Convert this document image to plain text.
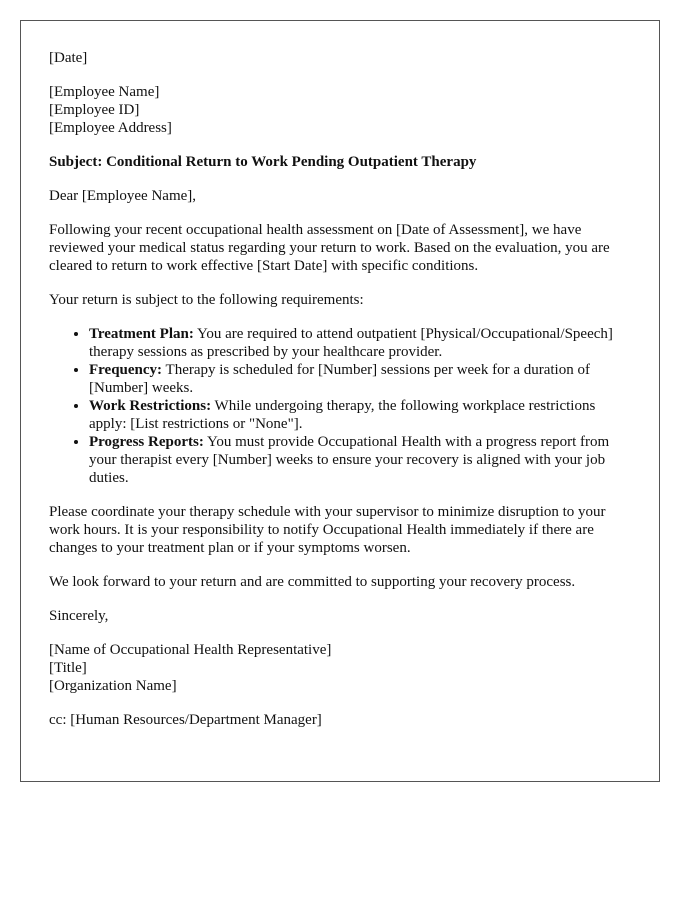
[Date]

[Employee Name]
[Employee ID]
[Employee Address]

Subject: Conditional Return to Work Pending Outpatient Therapy

Dear [Employee Name],

Following your recent occupational health assessment on [Date of Assessment], we have reviewed your medical status regarding your return to work. Based on the evaluation, you are cleared to return to work effective [Start Date] with specific conditions.

Your return is subject to the following requirements:

• Treatment Plan: You are required to attend outpatient [Physical/Occupational/Speech] therapy sessions as prescribed by your healthcare provider.
• Frequency: Therapy is scheduled for [Number] sessions per week for a duration of [Number] weeks.
• Work Restrictions: While undergoing therapy, the following workplace restrictions apply: [List restrictions or "None"].
• Progress Reports: You must provide Occupational Health with a progress report from your therapist every [Number] weeks to ensure your recovery is aligned with your job duties.

Please coordinate your therapy schedule with your supervisor to minimize disruption to your work hours. It is your responsibility to notify Occupational Health immediately if there are changes to your treatment plan or if your symptoms worsen.

We look forward to your return and are committed to supporting your recovery process.

Sincerely,

[Name of Occupational Health Representative]
[Title]
[Organization Name]

cc: [Human Resources/Department Manager]
